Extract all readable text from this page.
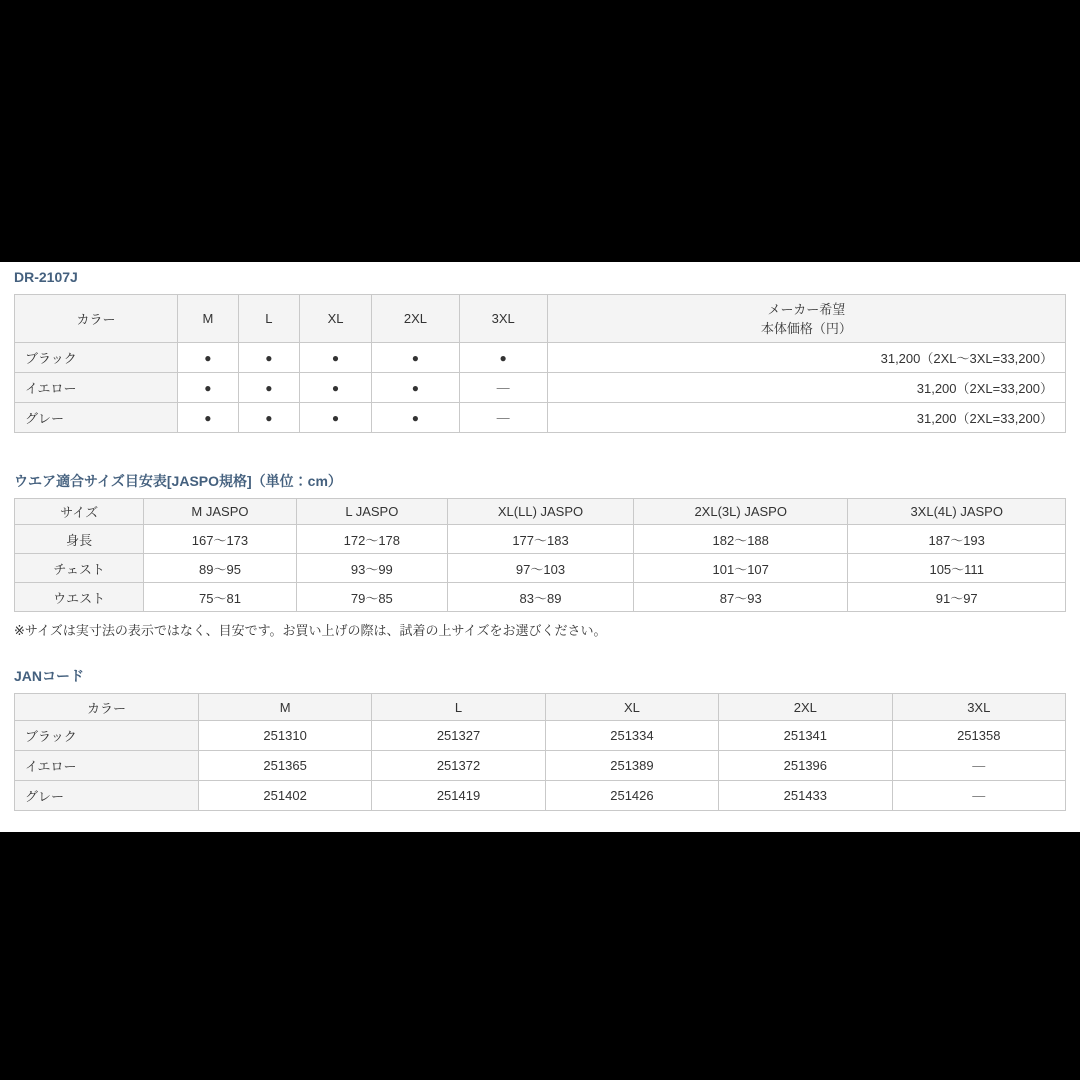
DR-2107J
カラー	M	L	XL	2XL	3XL	メーカー希望
本体価格（円）

ブラック	●	●	●	●	●	31,200（2XL～3XL=33,200）
イエロー	●	●	●	●	—	31,200（2XL=33,200）
グレー	●	●	●	●	—	31,200（2XL=33,200）
ウエア適合サイズ目安表[JASPO規格]（単位：cm）
サイズ	M JASPO	L JASPO	XL(LL) JASPO	2XL(3L) JASPO	3XL(4L) JASPO
身長	167～173	172～178	177～183	182～188	187～193
チェスト	89～95	93～99	97～103	101～107	105～111
ウエスト	75～81	79～85	83～89	87～93	91～97
※サイズは実寸法の表示ではなく、目安です。お買い上げの際は、試着の上サイズをお選びください。
JANコード
カラー	M	L	XL	2XL	3XL
ブラック	251310	251327	251334	251341	251358
イエロー	251365	251372	251389	251396	—
グレー	251402	251419	251426	251433	—
